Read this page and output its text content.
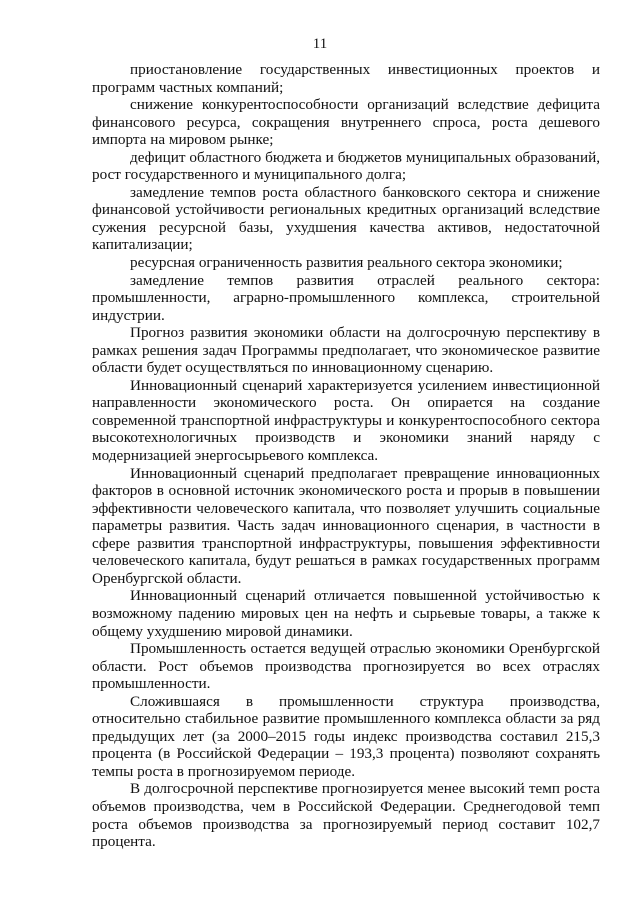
11

приостановление государственных инвестиционных проектов и программ частных компаний;

снижение конкурентоспособности организаций вследствие дефицита финансового ресурса, сокращения внутреннего спроса, роста дешевого импорта на мировом рынке;

дефицит областного бюджета и бюджетов муниципальных образований, рост государственного и муниципального долга;

замедление темпов роста областного банковского сектора и снижение финансовой устойчивости региональных кредитных организаций вследствие сужения ресурсной базы, ухудшения качества активов, недостаточной капитализации;

ресурсная ограниченность развития реального сектора экономики;

замедление темпов развития отраслей реального сектора: промышленности, аграрно-промышленного комплекса, строительной индустрии.

Прогноз развития экономики области на долгосрочную перспективу в рамках решения задач Программы предполагает, что экономическое развитие области будет осуществляться по инновационному сценарию.

Инновационный сценарий характеризуется усилением инвестиционной направленности экономического роста. Он опирается на создание современной транспортной инфраструктуры и конкурентоспособного сектора высокотехнологичных производств и экономики знаний наряду с модернизацией энергосырьевого комплекса.

Инновационный сценарий предполагает превращение инновационных факторов в основной источник экономического роста и прорыв в повышении эффективности человеческого капитала, что позволяет улучшить социальные параметры развития. Часть задач инновационного сценария, в частности в сфере развития транспортной инфраструктуры, повышения эффективности человеческого капитала, будут решаться в рамках государственных программ Оренбургской области.

Инновационный сценарий отличается повышенной устойчивостью к возможному падению мировых цен на нефть и сырьевые товары, а также к общему ухудшению мировой динамики.

Промышленность остается ведущей отраслью экономики Оренбургской области. Рост объемов производства прогнозируется во всех отраслях промышленности.

Сложившаяся в промышленности структура производства, относительно стабильное развитие промышленного комплекса области за ряд предыдущих лет (за 2000–2015 годы индекс производства составил 215,3 процента (в Российской Федерации – 193,3 процента) позволяют сохранять темпы роста в прогнозируемом периоде.

В долгосрочной перспективе прогнозируется менее высокий темп роста объемов производства, чем в Российской Федерации. Среднегодовой темп роста объемов производства за прогнозируемый период составит 102,7 процента.
